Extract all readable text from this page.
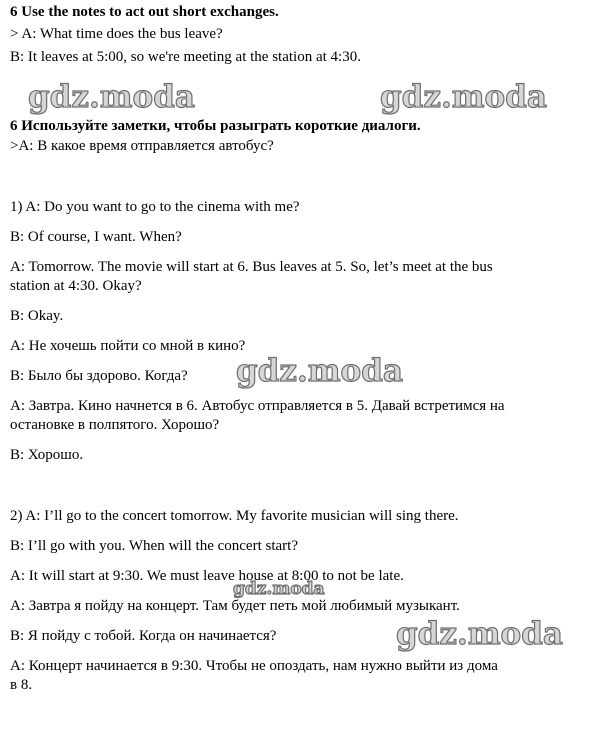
gdz.moda	gdz.moda
gdz.moda
gdz.moda
gdz.moda
6 Use the notes to act out short exchanges.
> A: What time does the bus leave?
B: It leaves at 5:00, so we're meeting at the station at 4:30.
6 Используйте заметки, чтобы разыграть короткие диалоги.
>A: В какое время отправляется автобус?
1) A: Do you want to go to the cinema with me?
B: Of course, I want. When?
A: Tomorrow. The movie will start at 6. Bus leaves at 5. So, let’s meet at the bus
station at 4:30. Okay?
B: Okay.
A: Не хочешь пойти со мной в кино?
B: Было бы здорово. Когда?
A: Завтра. Кино начнется в 6. Автобус отправляется в 5. Давай встретимся на
остановке в полпятого. Хорошо?
B: Хорошо.
2) A: I’ll go to the concert tomorrow. My favorite musician will sing there.
B: I’ll go with you. When will the concert start?
A: It will start at 9:30. We must leave house at 8:00 to not be late.
A: Завтра я пойду на концерт. Там будет петь мой любимый музыкант.
B: Я пойду с тобой. Когда он начинается?
A: Концерт начинается в 9:30. Чтобы не опоздать, нам нужно выйти из дома
в 8.
